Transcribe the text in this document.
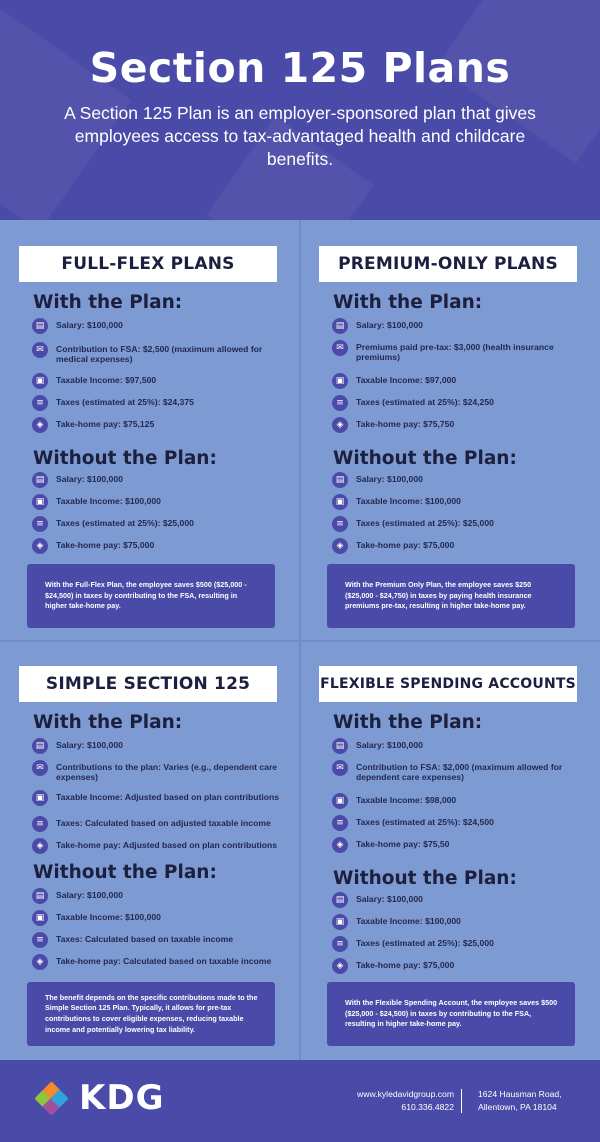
Section 125 Plans

A Section 125 Plan is an employer-sponsored plan that gives employees access to tax-advantaged health and childcare benefits.

FULL-FLEX PLANS
With the Plan:
▤	Salary: $100,000
✉	Contribution to FSA: $2,500 (maximum allowed for medical expenses)
▣	Taxable Income: $97,500
≡	Taxes (estimated at 25%): $24,375
◈	Take-home pay: $75,125
Without the Plan:
▤	Salary: $100,000
▣	Taxable Income: $100,000
≡	Taxes (estimated at 25%): $25,000
◈	Take-home pay: $75,000
With the Full-Flex Plan, the employee saves $500 ($25,000 - $24,500) in taxes by contributing to the FSA, resulting in higher take-home pay.
PREMIUM-ONLY PLANS
With the Plan:
▤	Salary: $100,000
✉	Premiums paid pre-tax: $3,000 (health insurance premiums)
▣	Taxable Income: $97,000
≡	Taxes (estimated at 25%): $24,250
◈	Take-home pay: $75,750
Without the Plan:
▤	Salary: $100,000
▣	Taxable Income: $100,000
≡	Taxes (estimated at 25%): $25,000
◈	Take-home pay: $75,000
With the Premium Only Plan, the employee saves $250 ($25,000 - $24,750) in taxes by paying health insurance premiums pre-tax, resulting in higher take-home pay.
SIMPLE SECTION 125
With the Plan:
▤	Salary: $100,000
✉	Contributions to the plan: Varies (e.g., dependent care expenses)
▣	Taxable Income: Adjusted based on plan contributions
≡	Taxes: Calculated based on adjusted taxable income
◈	Take-home pay: Adjusted based on plan contributions
Without the Plan:
▤	Salary: $100,000
▣	Taxable Income: $100,000
≡	Taxes: Calculated based on taxable income
◈	Take-home pay: Calculated based on taxable income
The benefit depends on the specific contributions made to the Simple Section 125 Plan. Typically, it allows for pre-tax contributions to cover eligible expenses, reducing taxable income and potentially lowering tax liability.
FLEXIBLE SPENDING ACCOUNTS
With the Plan:
▤	Salary: $100,000
✉	Contribution to FSA: $2,000 (maximum allowed for dependent care expenses)
▣	Taxable Income: $98,000
≡	Taxes (estimated at 25%): $24,500
◈	Take-home pay: $75,50
Without the Plan:
▤	Salary: $100,000
▣	Taxable Income: $100,000
≡	Taxes (estimated at 25%): $25,000
◈	Take-home pay: $75,000
With the Flexible Spending Account, the employee saves $500 ($25,000 - $24,500) in taxes by contributing to the FSA, resulting in higher take-home pay.
KDG	www.kyledavidgroup.com
610.336.4822
1624 Hausman Road,
Allentown, PA 18104
